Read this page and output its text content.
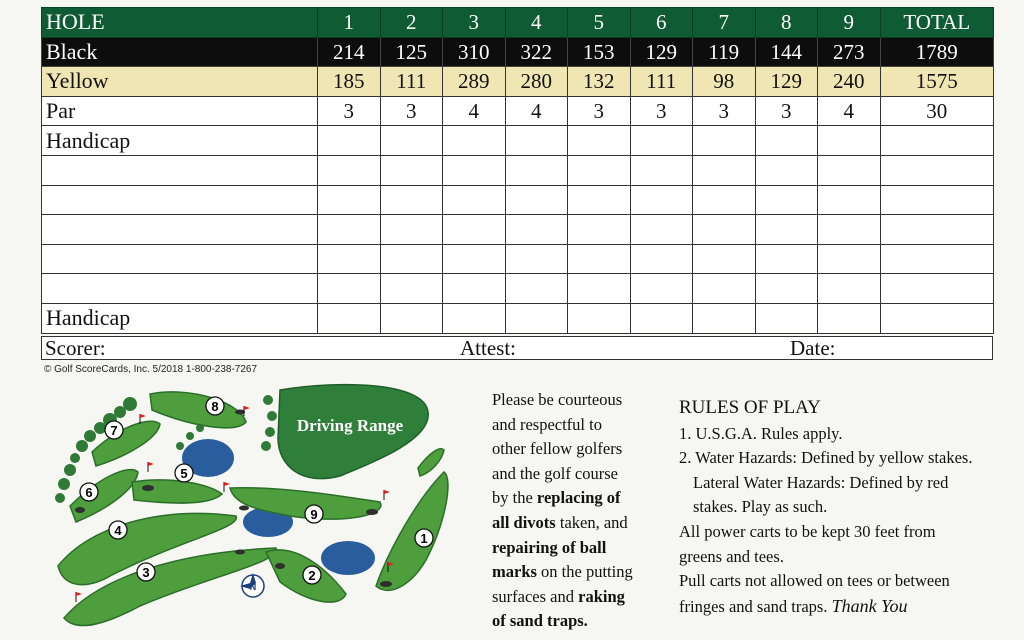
HOLE	1	2	3	4	5	6	7	8	9	TOTAL
Black	214	125	310	322	153	129	119	144	273	1789
Yellow	185	111	289	280	132	111	98	129	240	1575
Par	3	3	4	4	3	3	3	3	4	30
Handicap										

Handicap										
Scorer:	Attest:	Date:
© Golf ScoreCards, Inc. 5/2018 1-800-238-7267
Driving Range
1
2
3
4
5
6
7
8
9
N
Please be courteous
and respectful to
other fellow golfers
and the golf course
by the replacing of
all divots taken, and
repairing of ball
marks on the putting
surfaces and raking
of sand traps.
RULES OF PLAY
1. U.S.G.A. Rules apply.
2. Water Hazards: Defined by yellow stakes.
Lateral Water Hazards: Defined by red
stakes. Play as such.
All power carts to be kept 30 feet from
greens and tees.
Pull carts not allowed on tees or between
fringes and sand traps. Thank You
